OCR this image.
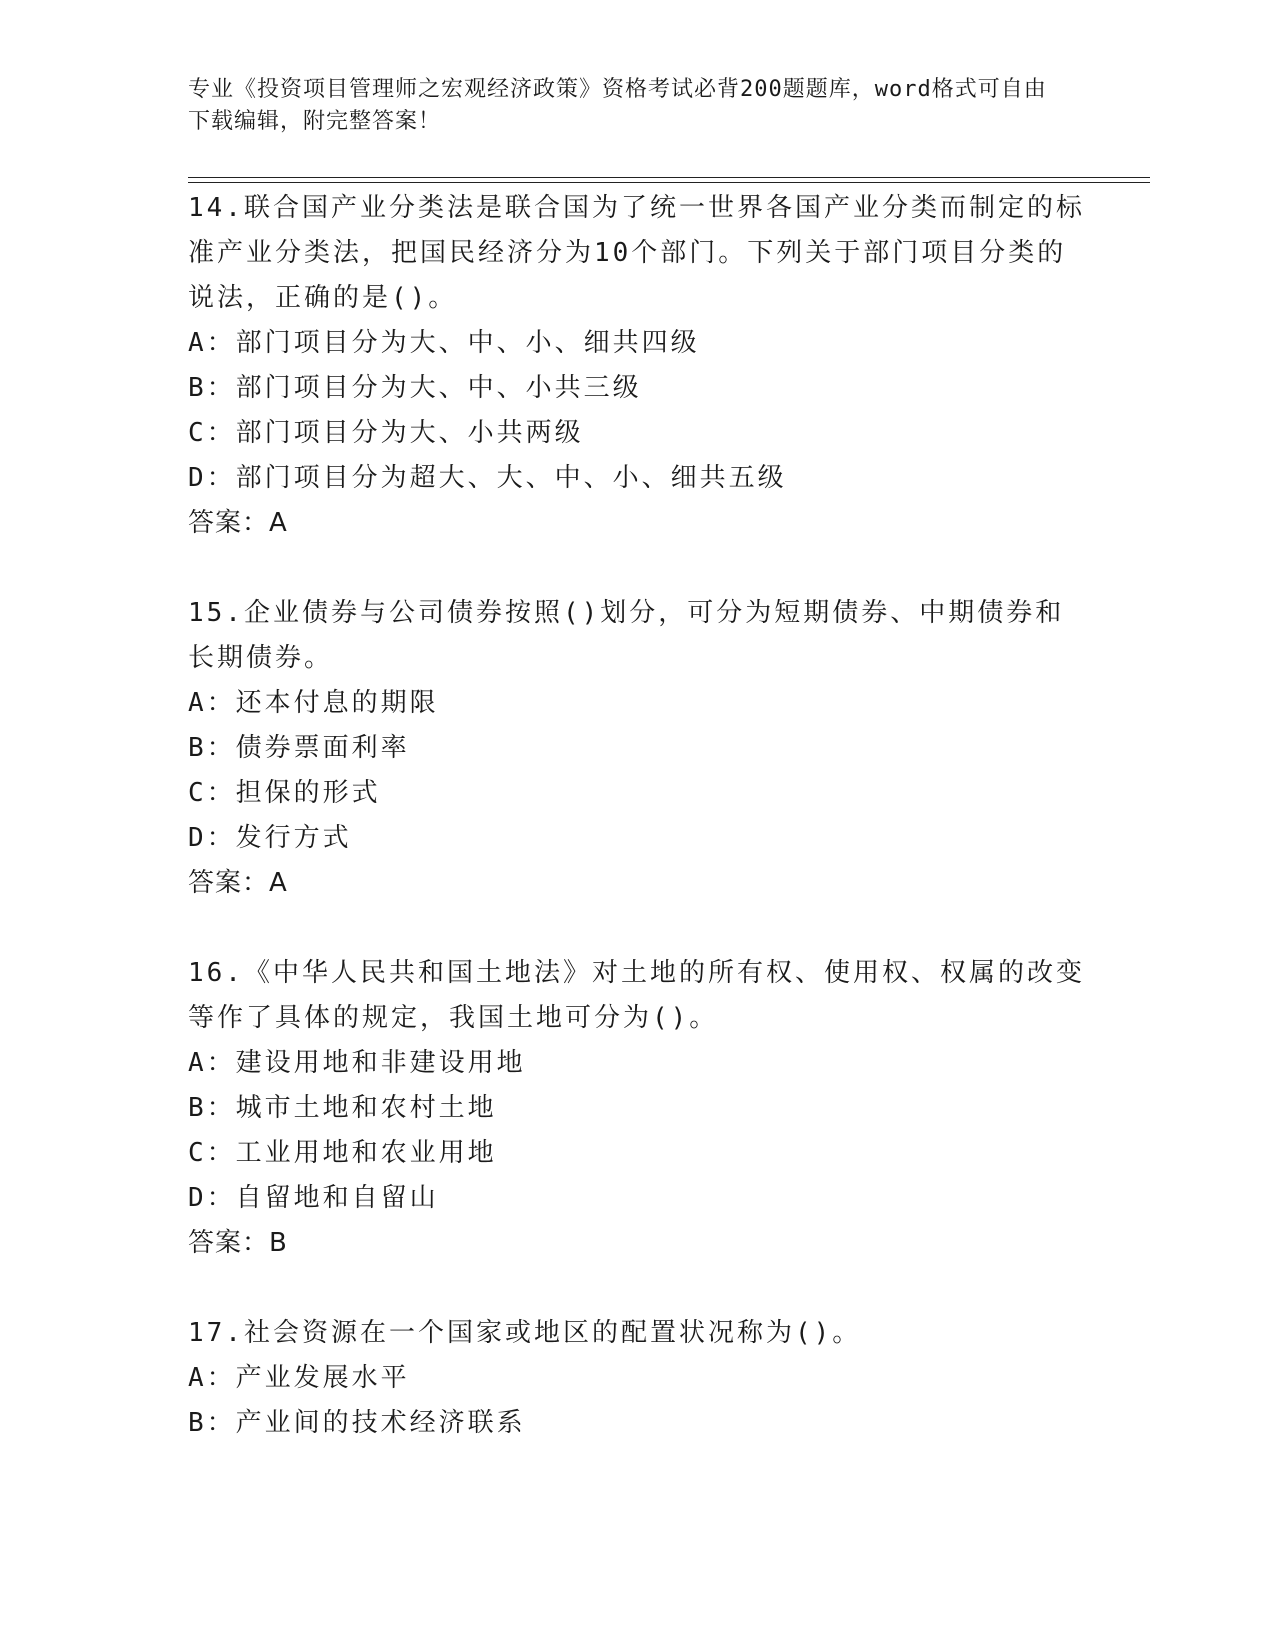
专业《投资项目管理师之宏观经济政策》资格考试必背200题题库，word格式可自由下载编辑，附完整答案！
14.联合国产业分类法是联合国为了统一世界各国产业分类而制定的标准产业分类法，把国民经济分为10个部门。下列关于部门项目分类的说法，正确的是()。
A：部门项目分为大、中、小、细共四级
B：部门项目分为大、中、小共三级
C：部门项目分为大、小共两级
D：部门项目分为超大、大、中、小、细共五级
答案：A
15.企业债券与公司债券按照()划分，可分为短期债券、中期债券和长期债券。
A：还本付息的期限
B：债券票面利率
C：担保的形式
D：发行方式
答案：A
16.《中华人民共和国土地法》对土地的所有权、使用权、权属的改变等作了具体的规定，我国土地可分为()。
A：建设用地和非建设用地
B：城市土地和农村土地
C：工业用地和农业用地
D：自留地和自留山
答案：B
17.社会资源在一个国家或地区的配置状况称为()。
A：产业发展水平
B：产业间的技术经济联系
